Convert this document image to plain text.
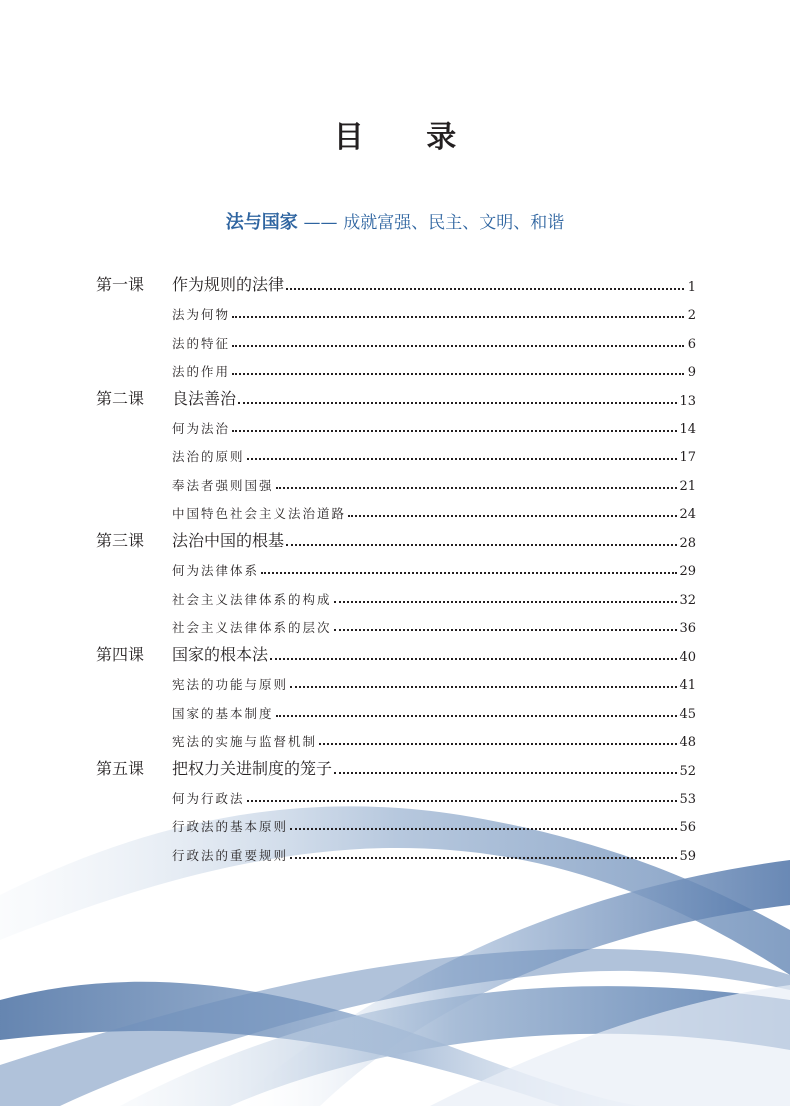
目 录
法与国家 —— 成就富强、民主、文明、和谐
第一课	作为规则的法律	1
法为何物	2
法的特征	6
法的作用	9
第二课	良法善治	13
何为法治	14
法治的原则	17
奉法者强则国强	21
中国特色社会主义法治道路	24
第三课	法治中国的根基	28
何为法律体系	29
社会主义法律体系的构成	32
社会主义法律体系的层次	36
第四课	国家的根本法	40
宪法的功能与原则	41
国家的基本制度	45
宪法的实施与监督机制	48
第五课	把权力关进制度的笼子	52
何为行政法	53
行政法的基本原则	56
行政法的重要规则	59
